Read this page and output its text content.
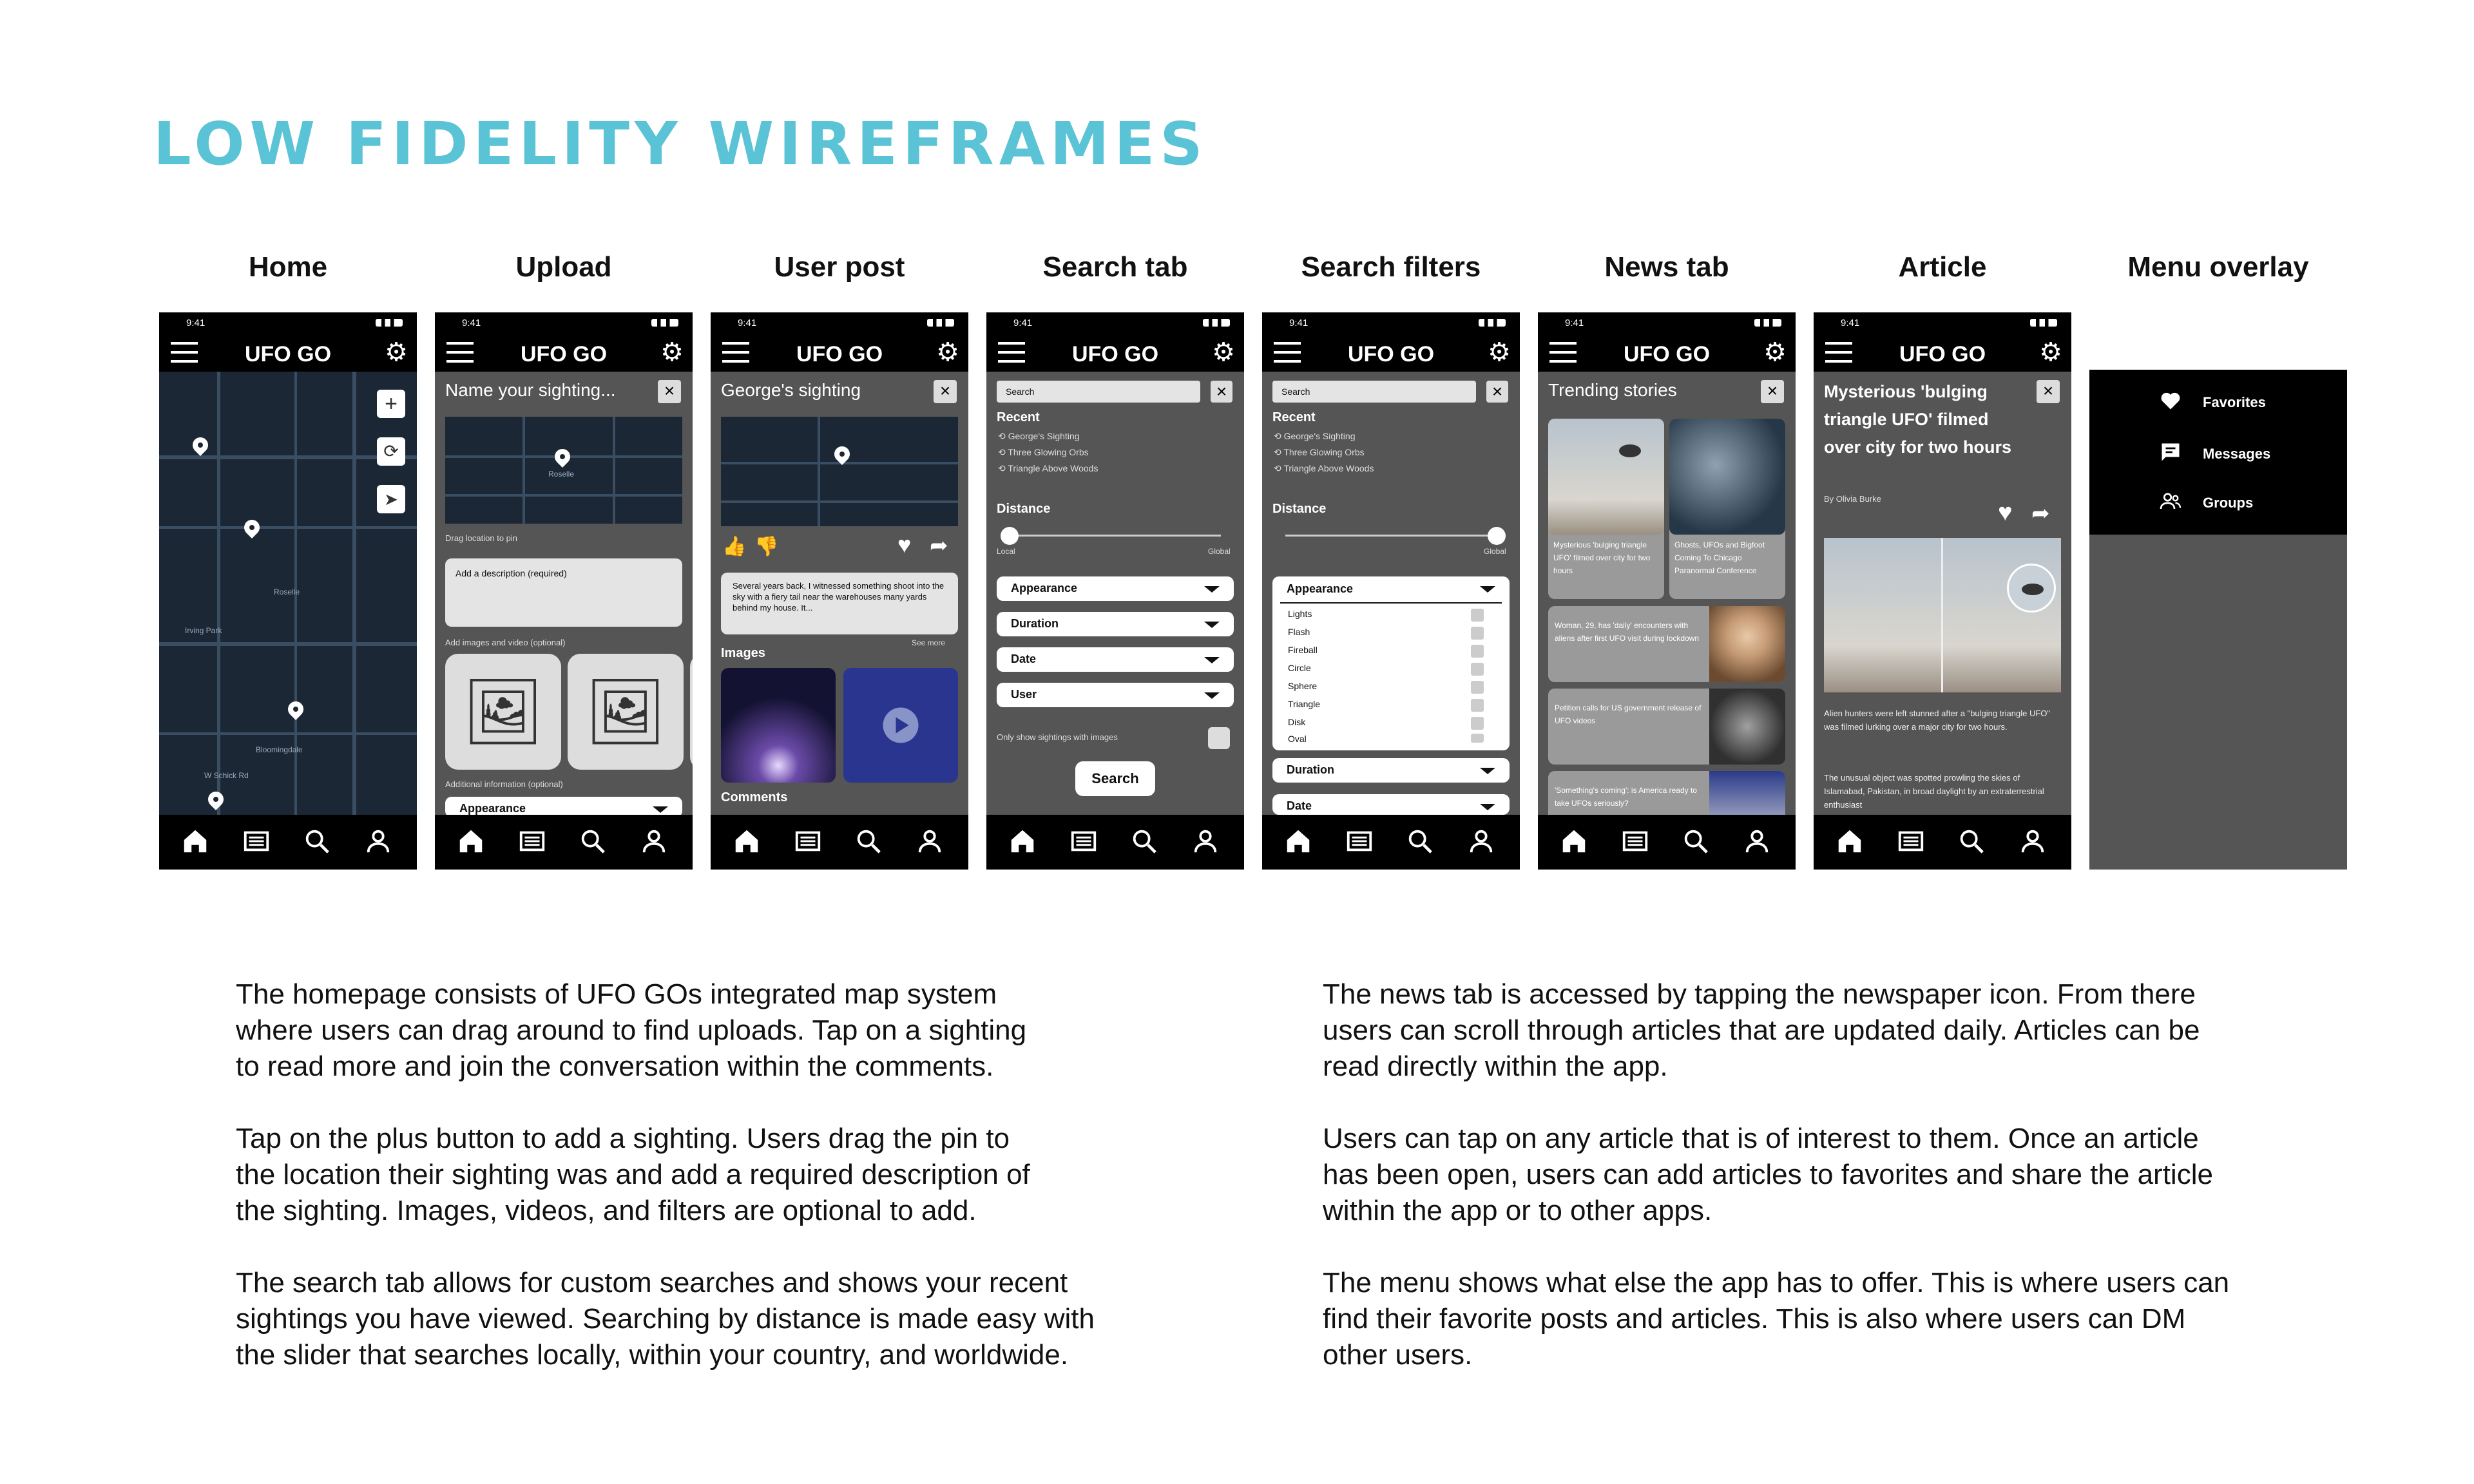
LOW FIDELITY WIREFRAMES
Home	Upload	User post	Search tab	Search filters	News tab	Article	Menu overlay
9:41
UFO GO	⚙
Roselle
Bloomingdale
Irving Park
W Schick Rd
+
⟳
➤
9:41
UFO GO	⚙
Name your sighting...	×
Roselle
Drag location to pin
Add a description (required)
Add images and video (optional)
🖼 🖼
Additional information (optional)
Appearance
9:41
UFO GO	⚙
George's sighting	×
👍 👎	♥ ➦
Several years back, I witnessed something shoot into the sky with a fiery tail near the warehouses many yards behind my house. It...
See more
Images
Comments
9:41
UFO GO	⚙
Search	×
Recent
⟲ George's Sighting
⟲ Three Glowing Orbs
⟲ Triangle Above Woods
Distance
Local	Global
Appearance
Duration
Date
User
Only show sightings with images
Search
9:41
UFO GO	⚙
Search	×
Recent
⟲ George's Sighting
⟲ Three Glowing Orbs
⟲ Triangle Above Woods
Distance
Global
Appearance
Lights
Flash
Fireball
Circle
Sphere
Triangle
Disk
Oval
Duration
Date
9:41
UFO GO	⚙
Trending stories	×
Mysterious 'bulging triangle UFO' filmed over city for two hours
Ghosts, UFOs and Bigfoot Coming To Chicago Paranormal Conference
Woman, 29, has 'daily' encounters with aliens after first UFO visit during lockdown
Petition calls for US government release of UFO videos
'Something's coming': is America ready to take UFOs seriously?
9:41
UFO GO	⚙
Mysterious 'bulging triangle UFO' filmed over city for two hours
×
By Olivia Burke
♥ ➦
Alien hunters were left stunned after a "bulging triangle UFO" was filmed lurking over a major city for two hours.
The unusual object was spotted prowling the skies of Islamabad, Pakistan, in broad daylight by an extraterrestrial enthusiast
Favorites
Messages
Groups
The homepage consists of UFO GOs integrated map system
where users can drag around to find uploads. Tap on a sighting
to read more and join the conversation within the comments.
Tap on the plus button to add a sighting. Users drag the pin to
the location their sighting was and add a required description of
the sighting. Images, videos, and filters are optional to add.
The search tab allows for custom searches and shows your recent
sightings you have viewed. Searching by distance is made easy with
the slider that searches locally, within your country, and worldwide.
The news tab is accessed by tapping the newspaper icon. From there
users can scroll through articles that are updated daily. Articles can be
read directly within the app.
Users can tap on any article that is of interest to them. Once an article
has been open, users can add articles to favorites and share the article
within the app or to other apps.
The menu shows what else the app has to offer. This is where users can
find their favorite posts and articles. This is also where users can DM
other users.
